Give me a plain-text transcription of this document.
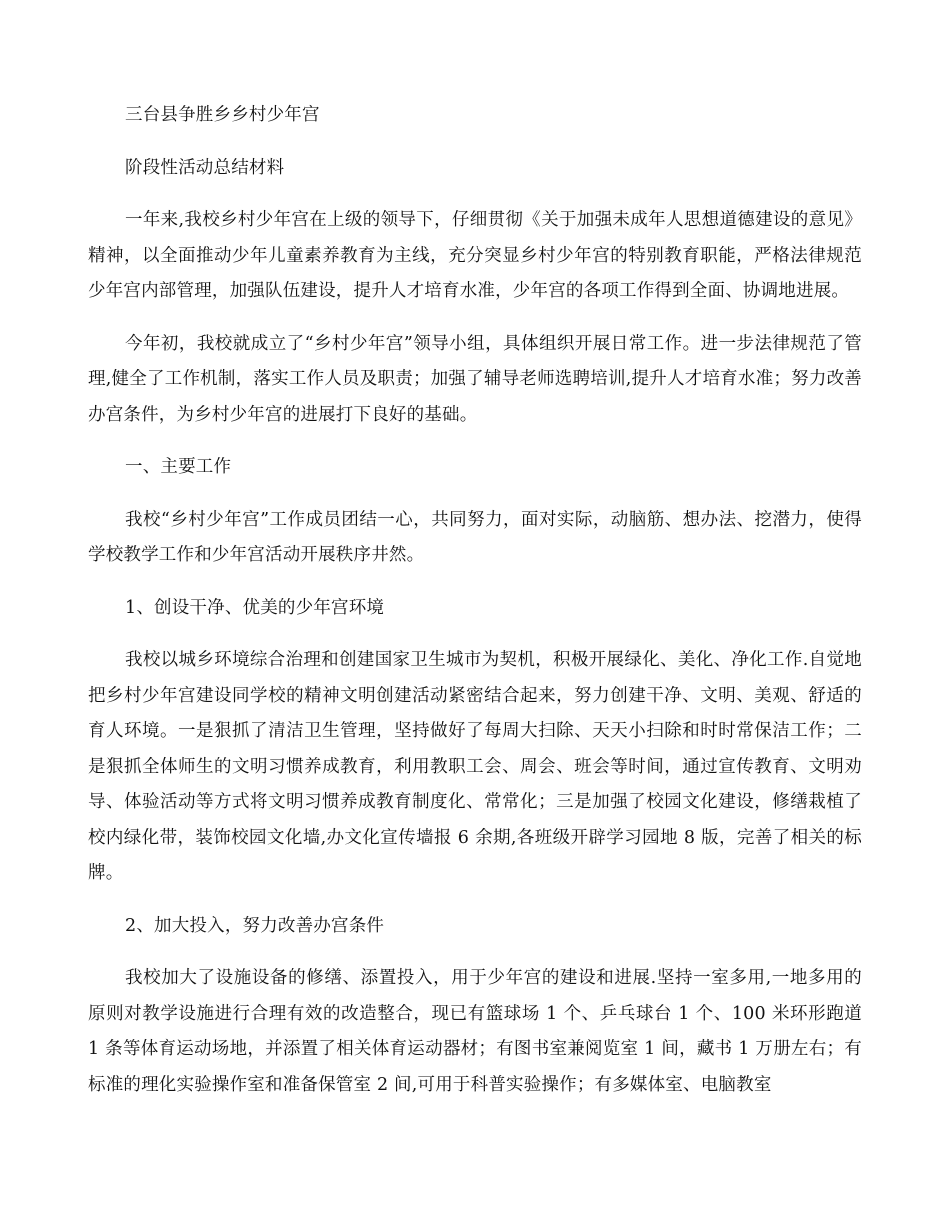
三台县争胜乡乡村少年宫

阶段性活动总结材料

一年来,我校乡村少年宫在上级的领导下，仔细贯彻《关于加强未成年人思想道德建设的意见》精神，以全面推动少年儿童素养教育为主线，充分突显乡村少年宫的特别教育职能，严格法律规范少年宫内部管理，加强队伍建设，提升人才培育水准，少年宫的各项工作得到全面、协调地进展。

今年初，我校就成立了“乡村少年宫”领导小组，具体组织开展日常工作。进一步法律规范了管理,健全了工作机制，落实工作人员及职责；加强了辅导老师选聘培训,提升人才培育水准；努力改善办宫条件，为乡村少年宫的进展打下良好的基础。

一、主要工作

我校“乡村少年宫”工作成员团结一心，共同努力，面对实际，动脑筋、想办法、挖潜力，使得学校教学工作和少年宫活动开展秩序井然。

1、创设干净、优美的少年宫环境

我校以城乡环境综合治理和创建国家卫生城市为契机，积极开展绿化、美化、净化工作.自觉地把乡村少年宫建设同学校的精神文明创建活动紧密结合起来，努力创建干净、文明、美观、舒适的育人环境。一是狠抓了清洁卫生管理，坚持做好了每周大扫除、天天小扫除和时时常保洁工作；二是狠抓全体师生的文明习惯养成教育，利用教职工会、周会、班会等时间，通过宣传教育、文明劝导、体验活动等方式将文明习惯养成教育制度化、常常化；三是加强了校园文化建设，修缮栽植了校内绿化带，装饰校园文化墙,办文化宣传墙报 6 余期,各班级开辟学习园地 8 版，完善了相关的标牌。

2、加大投入，努力改善办宫条件

我校加大了设施设备的修缮、添置投入，用于少年宫的建设和进展.坚持一室多用,一地多用的原则对教学设施进行合理有效的改造整合，现已有篮球场 1 个、乒乓球台 1 个、100 米环形跑道 1 条等体育运动场地，并添置了相关体育运动器材；有图书室兼阅览室 1 间，藏书 1 万册左右；有标准的理化实验操作室和准备保管室 2 间,可用于科普实验操作；有多媒体室、电脑教室
